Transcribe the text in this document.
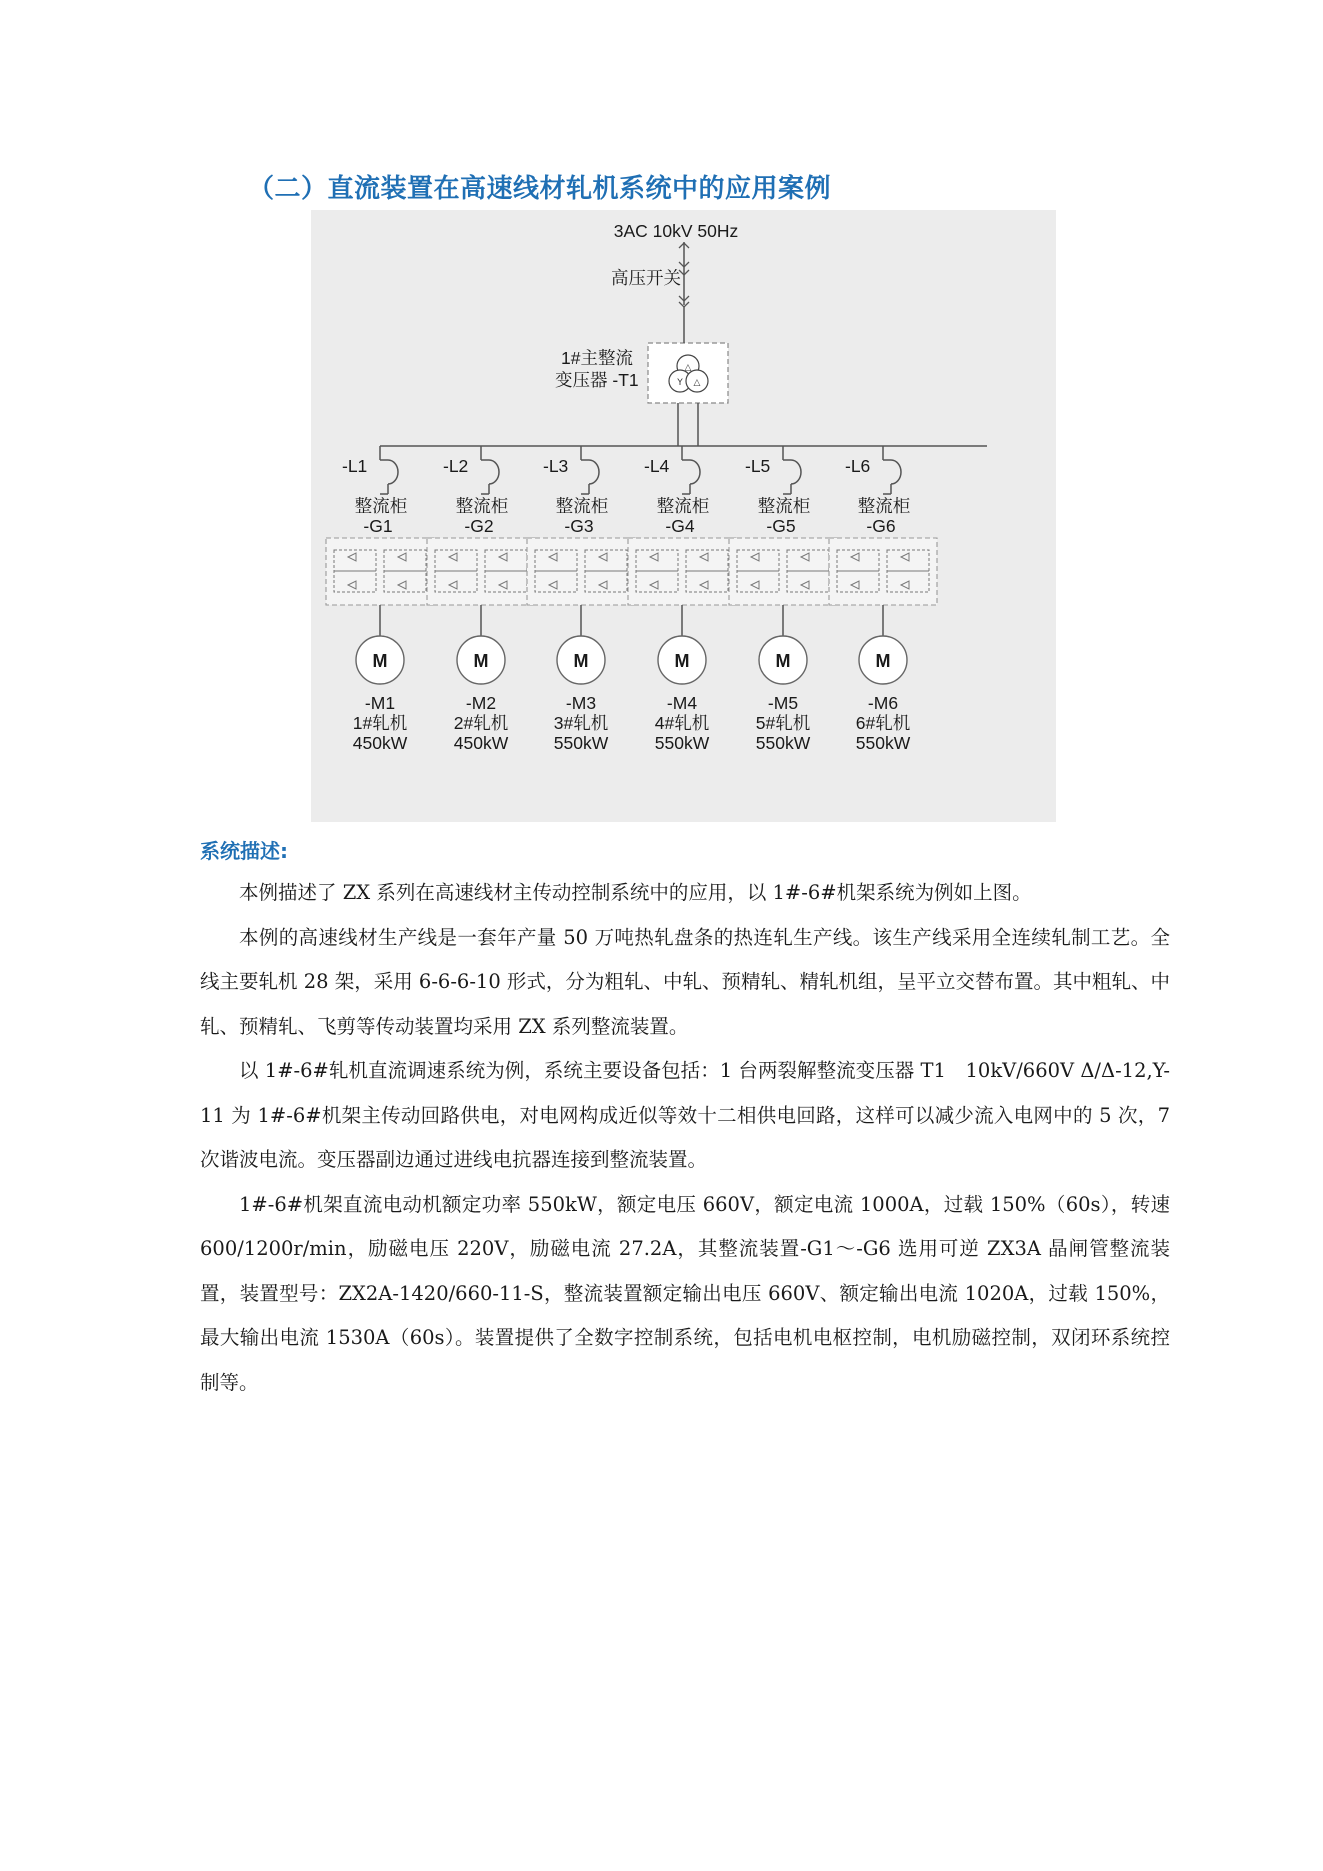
（二）直流装置在高速线材轧机系统中的应用案例
3AC 10kV 50Hz
高压开关
△
Y △
1#主整流
变压器 -T1
-L1
整流柜
-G1
M
-M1
1#轧机
450kW
-L2
整流柜
-G2
M
-M2
2#轧机
450kW
-L3
整流柜
-G3
M
-M3
3#轧机
550kW
-L4
整流柜
-G4
M
-M4
4#轧机
550kW
-L5
整流柜
-G5
M
-M5
5#轧机
550kW
-L6
整流柜
-G6
M
-M6
6#轧机
550kW
系统描述:

本例描述了 ZX 系列在高速线材主传动控制系统中的应用，以 1#-6#机架系统为例如上图。

本例的高速线材生产线是一套年产量 50 万吨热轧盘条的热连轧生产线。该生产线采用全连续轧制工艺。全线主要轧机 28 架，采用 6-6-6-10 形式，分为粗轧、中轧、预精轧、精轧机组，呈平立交替布置。其中粗轧、中轧、预精轧、飞剪等传动装置均采用 ZX 系列整流装置。

以 1#-6#轧机直流调速系统为例，系统主要设备包括：1 台两裂解整流变压器 T1　10kV/660V Δ/Δ-12,Y-11 为 1#-6#机架主传动回路供电，对电网构成近似等效十二相供电回路，这样可以减少流入电网中的 5 次，7 次谐波电流。变压器副边通过进线电抗器连接到整流装置。

1#-6#机架直流电动机额定功率 550kW，额定电压 660V，额定电流 1000A，过载 150%（60s），转速 600/1200r/min，励磁电压 220V，励磁电流 27.2A，其整流装置-G1～-G6 选用可逆 ZX3A 晶闸管整流装置，装置型号：ZX2A-1420/660-11-S，整流装置额定输出电压 660V、额定输出电流 1020A，过载 150%，最大输出电流 1530A（60s）。装置提供了全数字控制系统，包括电机电枢控制，电机励磁控制，双闭环系统控制等。
